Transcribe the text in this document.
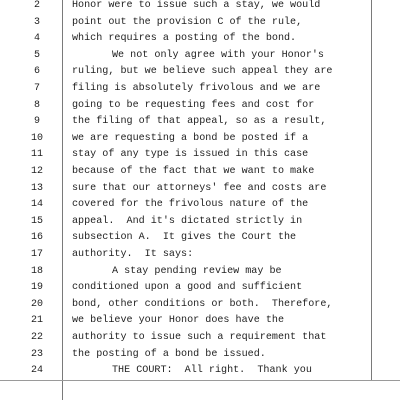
2	Honor were to issue such a stay, we would
3	point out the provision C of the rule,
4	which requires a posting of the bond.
5	We not only agree with your Honor's
6	ruling, but we believe such appeal they are
7	filing is absolutely frivolous and we are
8	going to be requesting fees and cost for
9	the filing of that appeal, so as a result,
10	we are requesting a bond be posted if a
11	stay of any type is issued in this case
12	because of the fact that we want to make
13	sure that our attorneys' fee and costs are
14	covered for the frivolous nature of the
15	appeal.  And it's dictated strictly in
16	subsection A.  It gives the Court the
17	authority.  It says:
18	A stay pending review may be
19	conditioned upon a good and sufficient
20	bond, other conditions or both.  Therefore,
21	we believe your Honor does have the
22	authority to issue such a requirement that
23	the posting of a bond be issued.
24	THE COURT:  All right.  Thank you
